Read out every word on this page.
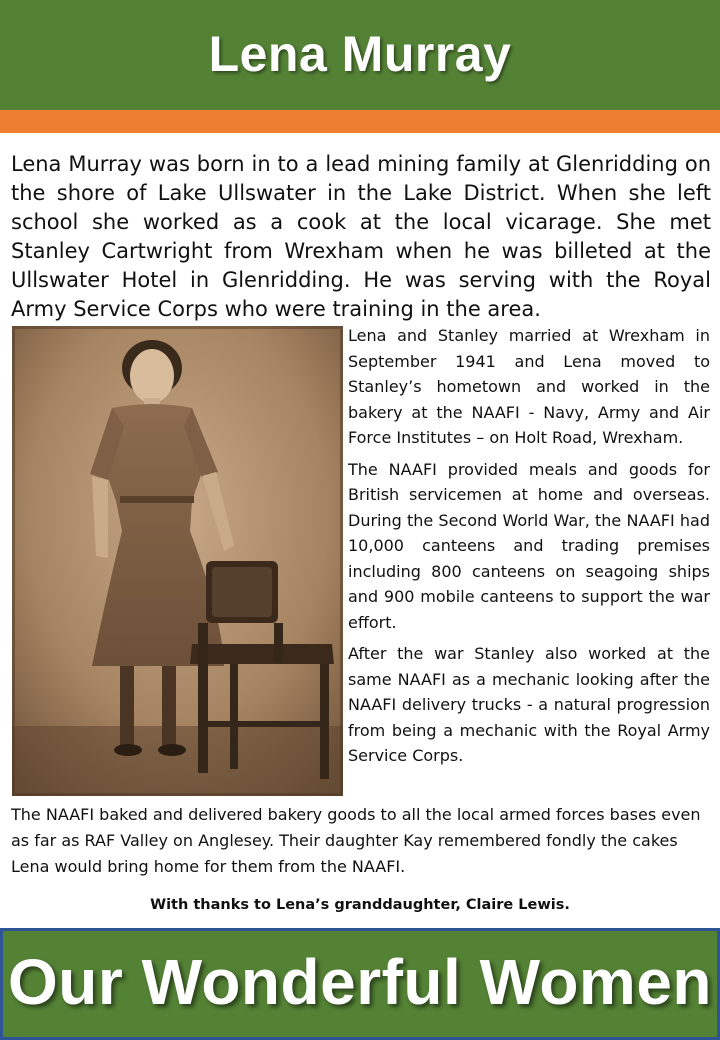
Lena Murray

Lena Murray was born in to a lead mining family at Glenridding on the shore of Lake Ullswater in the Lake District. When she left school she worked as a cook at the local vicarage. She met Stanley Cartwright from Wrexham when he was billeted at the Ullswater Hotel in Glenridding. He was serving with the Royal Army Service Corps who were training in the area.

Lena and Stanley married at Wrexham in September 1941 and Lena moved to Stanley’s hometown and worked in the bakery at the NAAFI - Navy, Army and Air Force Institutes – on Holt Road, Wrexham.

The NAAFI provided meals and goods for British servicemen at home and overseas. During the Second World War, the NAAFI had 10,000 canteens and trading premises including 800 canteens on seagoing ships and 900 mobile canteens to support the war effort.

After the war Stanley also worked at the same NAAFI as a mechanic looking after the NAAFI delivery trucks - a natural progression from being a mechanic with the Royal Army Service Corps.

The NAAFI baked and delivered bakery goods to all the local armed forces bases even as far as RAF Valley on Anglesey. Their daughter Kay remembered fondly the cakes Lena would bring home for them from the NAAFI.

With thanks to Lena’s granddaughter, Claire Lewis.

Our Wonderful Women
